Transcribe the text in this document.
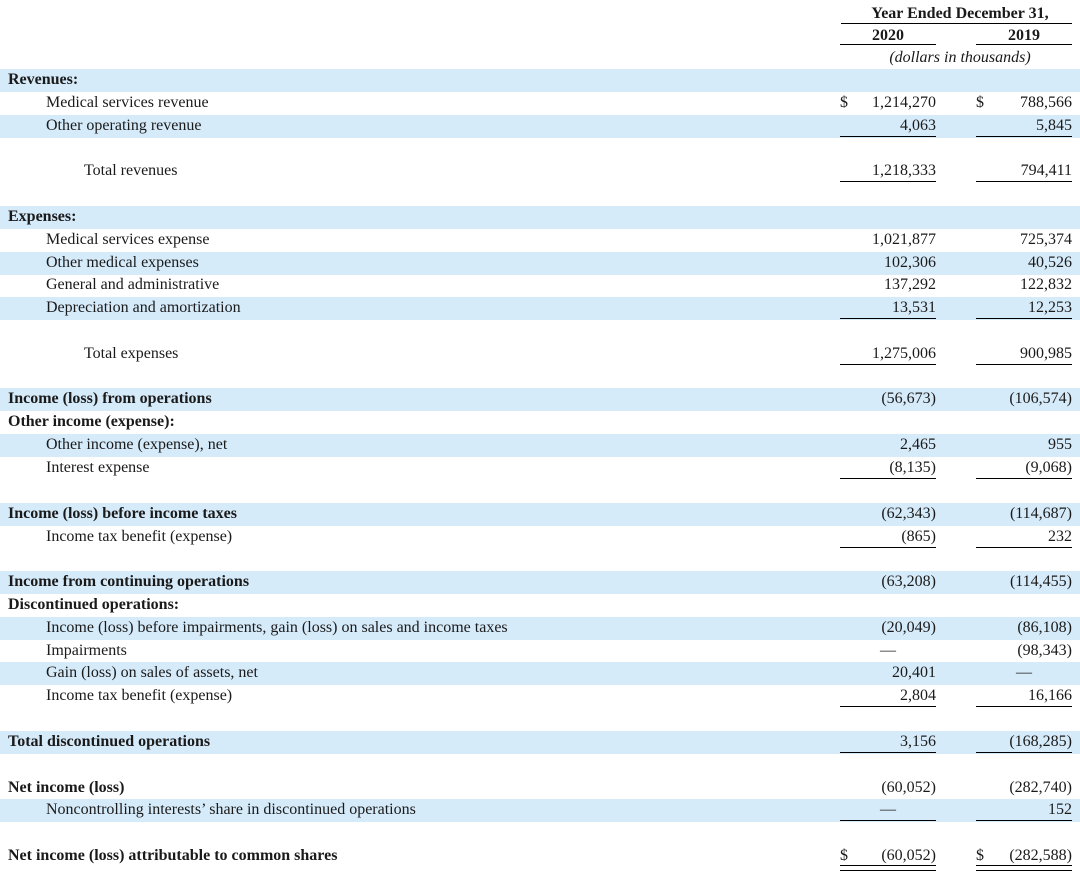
Year Ended December 31,
2020	2019
(dollars in thousands)
Revenues:
Medical services revenue	$ 1,214,270	$ 788,566
Other operating revenue	4,063	5,845
Total revenues	1,218,333	794,411
Expenses:
Medical services expense	1,021,877	725,374
Other medical expenses	102,306	40,526
General and administrative	137,292	122,832
Depreciation and amortization	13,531	12,253
Total expenses	1,275,006	900,985
Income (loss) from operations	(56,673)	(106,574)
Other income (expense):
Other income (expense), net	2,465	955
Interest expense	(8,135)	(9,068)
Income (loss) before income taxes	(62,343)	(114,687)
Income tax benefit (expense)	(865)	232
Income from continuing operations	(63,208)	(114,455)
Discontinued operations:
Income (loss) before impairments, gain (loss) on sales and income taxes	(20,049)	(86,108)
Impairments	—	(98,343)
Gain (loss) on sales of assets, net	20,401	—
Income tax benefit (expense)	2,804	16,166
Total discontinued operations	3,156	(168,285)
Net income (loss)	(60,052)	(282,740)
Noncontrolling interests’ share in discontinued operations	—	152
Net income (loss) attributable to common shares	$ (60,052)	$ (282,588)
